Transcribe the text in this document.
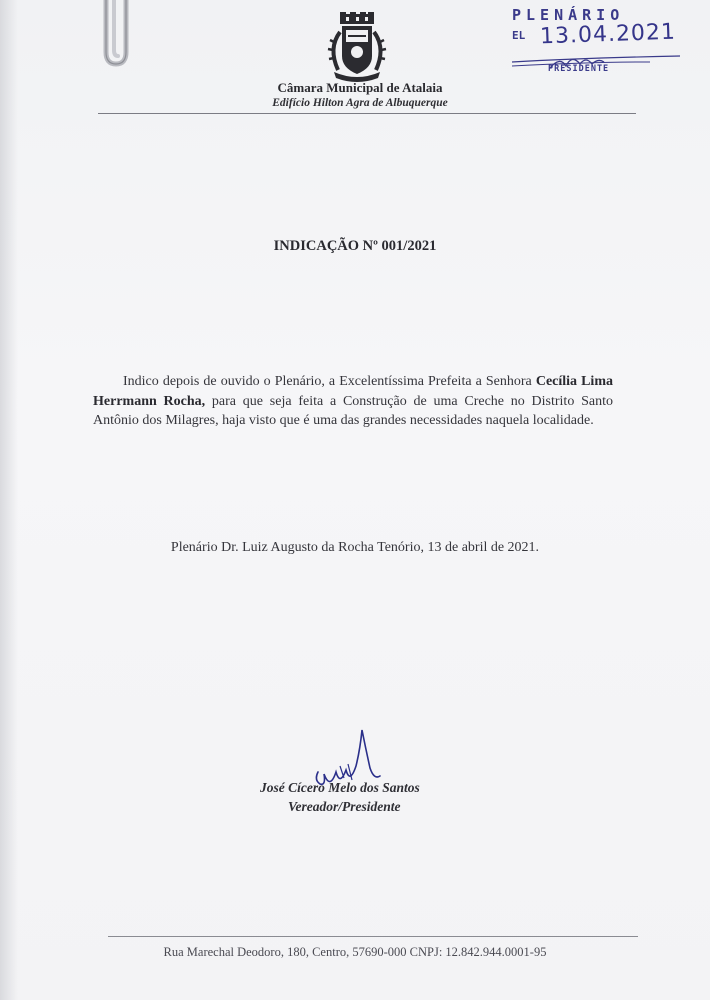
Câmara Municipal de Atalaia
Edifício Hilton Agra de Albuquerque
PLENÁRIO
EL 13.04.2021
PRESIDENTE
INDICAÇÃO Nº 001/2021

Indico depois de ouvido o Plenário, a Excelentíssima Prefeita a Senhora Cecília Lima Herrmann Rocha, para que seja feita a Construção de uma Creche no Distrito Santo Antônio dos Milagres, haja visto que é uma das grandes necessidades naquela localidade.

Plenário Dr. Luiz Augusto da Rocha Tenório, 13 de abril de 2021.
José Cícero Melo dos Santos
Vereador/Presidente
Rua Marechal Deodoro, 180, Centro, 57690-000 CNPJ: 12.842.944.0001-95
